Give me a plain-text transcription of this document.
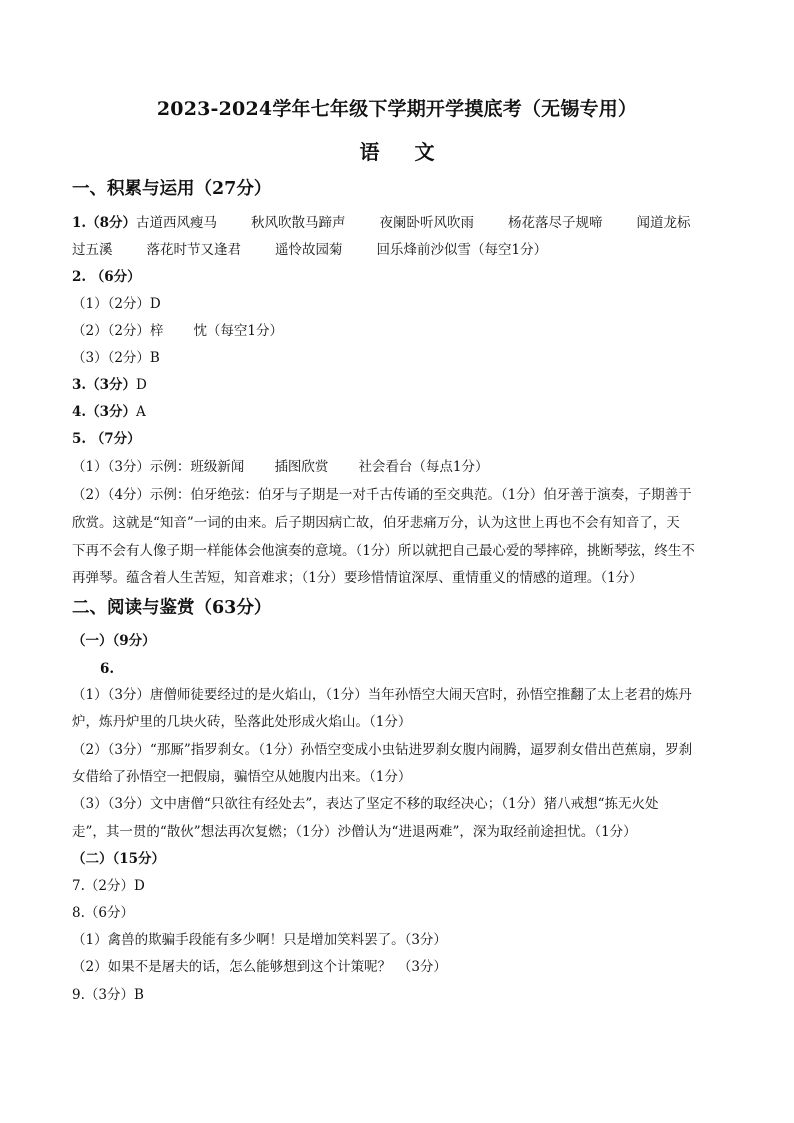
2023-2024学年七年级下学期开学摸底考（无锡专用）
语 文
一、积累与运用（27分）
1.（8分）古道西风瘦马	秋风吹散马蹄声	夜阑卧听风吹雨	杨花落尽子规啼	闻道龙标
过五溪	落花时节又逢君	遥怜故园菊	回乐烽前沙似雪（每空1分）
2. （6分）
（1）（2分）D
（2）（2分）梓 忱（每空1分）
（3）（2分）B
3.（3分）D
4.（3分）A
5. （7分）
（1）（3分）示例：班级新闻 插图欣赏 社会看台（每点1分）
（2）（4分）示例：伯牙绝弦：伯牙与子期是一对千古传诵的至交典范。（1分）伯牙善于演奏，子期善于
欣赏。这就是“知音”一词的由来。后子期因病亡故，伯牙悲痛万分，认为这世上再也不会有知音了，天
下再不会有人像子期一样能体会他演奏的意境。（1分）所以就把自己最心爱的琴摔碎，挑断琴弦，终生不
再弹琴。蕴含着人生苦短，知音难求；（1分）要珍惜情谊深厚、重情重义的情感的道理。（1分）
二、阅读与鉴赏（63分）
（一）（9分）
6.
（1）（3分）唐僧师徒要经过的是火焰山，（1分）当年孙悟空大闹天宫时，孙悟空推翻了太上老君的炼丹
炉，炼丹炉里的几块火砖，坠落此处形成火焰山。（1分）
（2）（3分）“那厮”指罗刹女。（1分）孙悟空变成小虫钻进罗刹女腹内闹腾，逼罗刹女借出芭蕉扇，罗刹
女借给了孙悟空一把假扇，骗悟空从她腹内出来。（1分）
（3）（3分）文中唐僧“只欲往有经处去”，表达了坚定不移的取经决心；（1分）猪八戒想“拣无火处
走”，其一贯的“散伙”想法再次复燃；（1分）沙僧认为“进退两难”，深为取经前途担忧。（1分）
（二）（15分）
7.（2分）D
8.（6分）
（1）禽兽的欺骗手段能有多少啊！只是增加笑料罢了。（3分）
（2）如果不是屠夫的话，怎么能够想到这个计策呢？　（3分）
9.（3分）B
